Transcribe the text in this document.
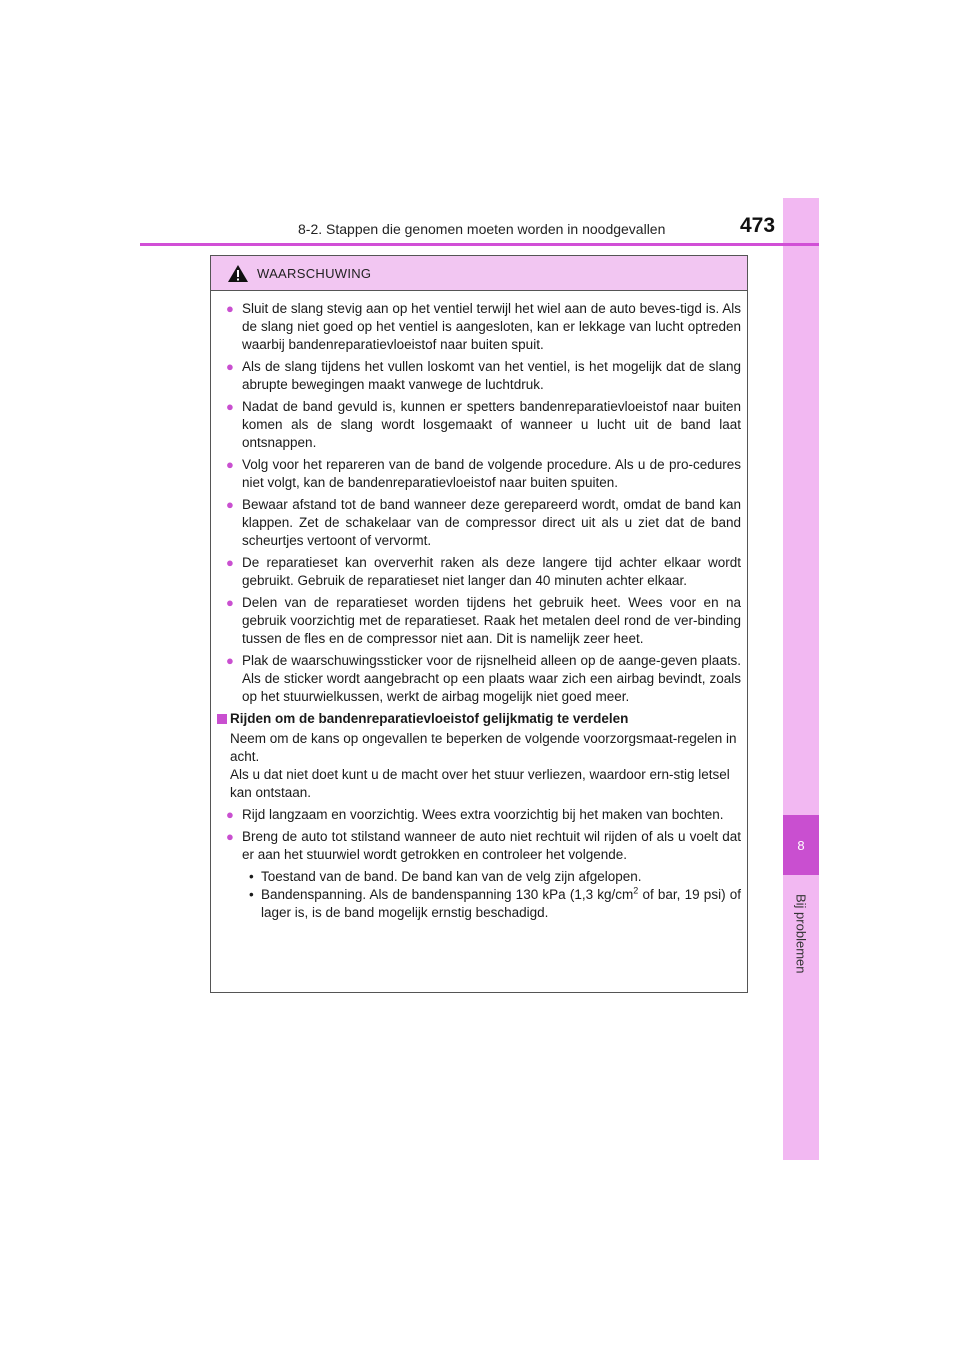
8
Bij problemen
8-2. Stappen die genomen moeten worden in noodgevallen	473
WAARSCHUWING
● Sluit de slang stevig aan op het ventiel terwijl het wiel aan de auto beves-tigd is. Als de slang niet goed op het ventiel is aangesloten, kan er lekkage van lucht optreden waarbij bandenreparatievloeistof naar buiten spuit.
● Als de slang tijdens het vullen loskomt van het ventiel, is het mogelijk dat de slang abrupte bewegingen maakt vanwege de luchtdruk.
● Nadat de band gevuld is, kunnen er spetters bandenreparatievloeistof naar buiten komen als de slang wordt losgemaakt of wanneer u lucht uit de band laat ontsnappen.
● Volg voor het repareren van de band de volgende procedure. Als u de pro-cedures niet volgt, kan de bandenreparatievloeistof naar buiten spuiten.
● Bewaar afstand tot de band wanneer deze gerepareerd wordt, omdat de band kan klappen. Zet de schakelaar van de compressor direct uit als u ziet dat de band scheurtjes vertoont of vervormt.
● De reparatieset kan oververhit raken als deze langere tijd achter elkaar wordt gebruikt. Gebruik de reparatieset niet langer dan 40 minuten achter elkaar.
● Delen van de reparatieset worden tijdens het gebruik heet. Wees voor en na gebruik voorzichtig met de reparatieset. Raak het metalen deel rond de ver-binding tussen de fles en de compressor niet aan. Dit is namelijk zeer heet.
● Plak de waarschuwingssticker voor de rijsnelheid alleen op de aange-geven plaats. Als de sticker wordt aangebracht op een plaats waar zich een airbag bevindt, zoals op het stuurwielkussen, werkt de airbag mogelijk niet goed meer.
Rijden om de bandenreparatievloeistof gelijkmatig te verdelen
Neem om de kans op ongevallen te beperken de volgende voorzorgsmaat-regelen in acht.
Als u dat niet doet kunt u de macht over het stuur verliezen, waardoor ern-stig letsel kan ontstaan.
● Rijd langzaam en voorzichtig. Wees extra voorzichtig bij het maken van bochten.
● Breng de auto tot stilstand wanneer de auto niet rechtuit wil rijden of als u voelt dat er aan het stuurwiel wordt getrokken en controleer het volgende.
• Toestand van de band. De band kan van de velg zijn afgelopen.
• Bandenspanning. Als de bandenspanning 130 kPa (1,3 $kg/cm^2$ of bar, 19 psi) of lager is, is de band mogelijk ernstig beschadigd.
